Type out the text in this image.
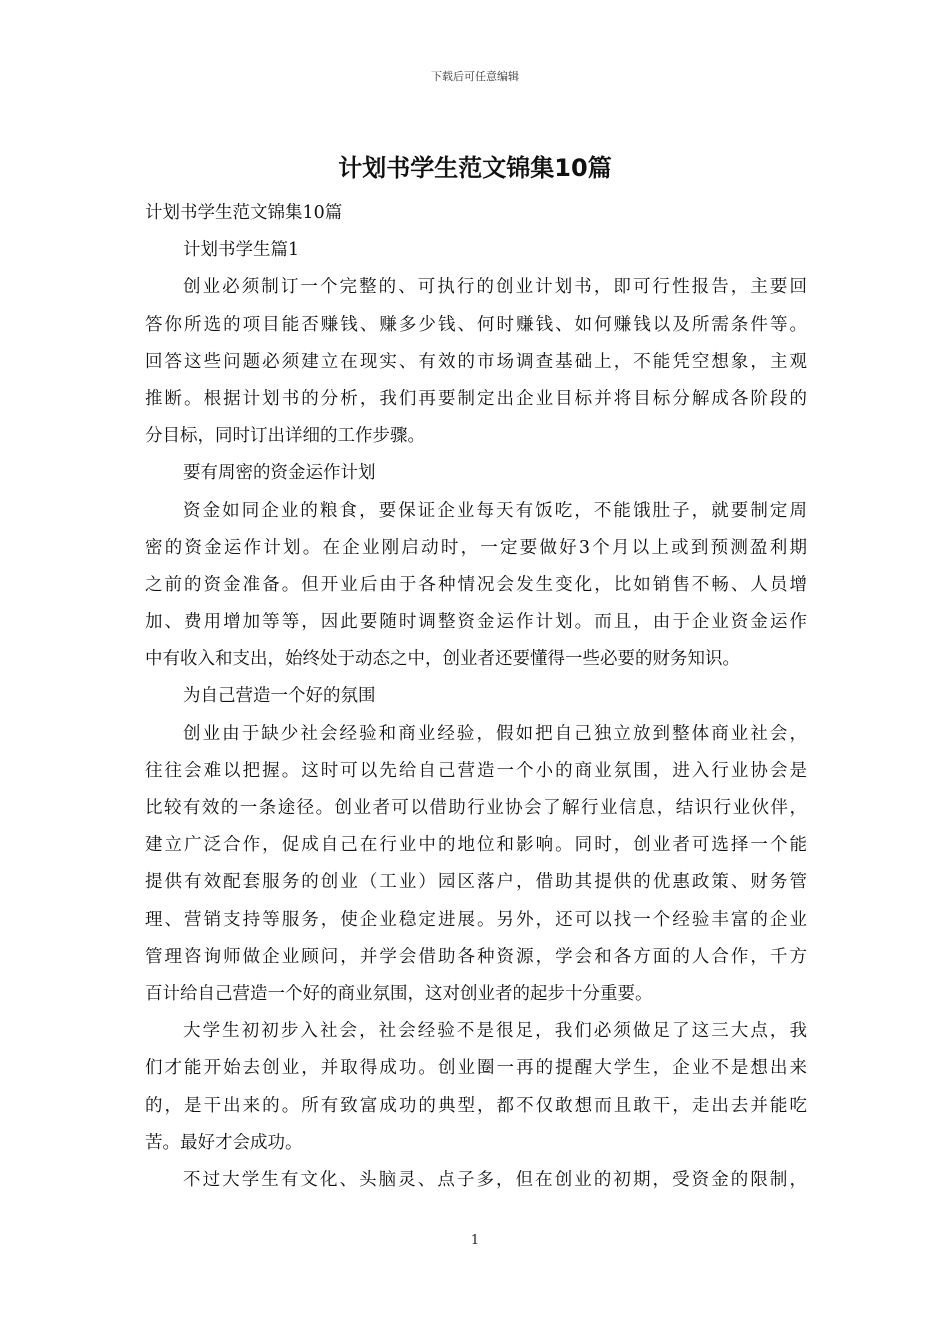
下载后可任意编辑
计划书学生范文锦集10篇
计划书学生范文锦集10篇
计划书学生篇1
创业必须制订一个完整的、可执行的创业计划书，即可行性报告，主要回
答你所选的项目能否赚钱、赚多少钱、何时赚钱、如何赚钱以及所需条件等。
回答这些问题必须建立在现实、有效的市场调查基础上，不能凭空想象，主观
推断。根据计划书的分析，我们再要制定出企业目标并将目标分解成各阶段的
分目标，同时订出详细的工作步骤。
要有周密的资金运作计划
资金如同企业的粮食，要保证企业每天有饭吃，不能饿肚子，就要制定周
密的资金运作计划。在企业刚启动时，一定要做好3个月以上或到预测盈利期
之前的资金准备。但开业后由于各种情况会发生变化，比如销售不畅、人员增
加、费用增加等等，因此要随时调整资金运作计划。而且，由于企业资金运作
中有收入和支出，始终处于动态之中，创业者还要懂得一些必要的财务知识。
为自己营造一个好的氛围
创业由于缺少社会经验和商业经验，假如把自己独立放到整体商业社会，
往往会难以把握。这时可以先给自己营造一个小的商业氛围，进入行业协会是
比较有效的一条途径。创业者可以借助行业协会了解行业信息，结识行业伙伴，
建立广泛合作，促成自己在行业中的地位和影响。同时，创业者可选择一个能
提供有效配套服务的创业（工业）园区落户，借助其提供的优惠政策、财务管
理、营销支持等服务，使企业稳定进展。另外，还可以找一个经验丰富的企业
管理咨询师做企业顾问，并学会借助各种资源，学会和各方面的人合作，千方
百计给自己营造一个好的商业氛围，这对创业者的起步十分重要。
大学生初初步入社会，社会经验不是很足，我们必须做足了这三大点，我
们才能开始去创业，并取得成功。创业圈一再的提醒大学生，企业不是想出来
的，是干出来的。所有致富成功的典型，都不仅敢想而且敢干，走出去并能吃
苦。最好才会成功。
不过大学生有文化、头脑灵、点子多，但在创业的初期，受资金的限制，
1
